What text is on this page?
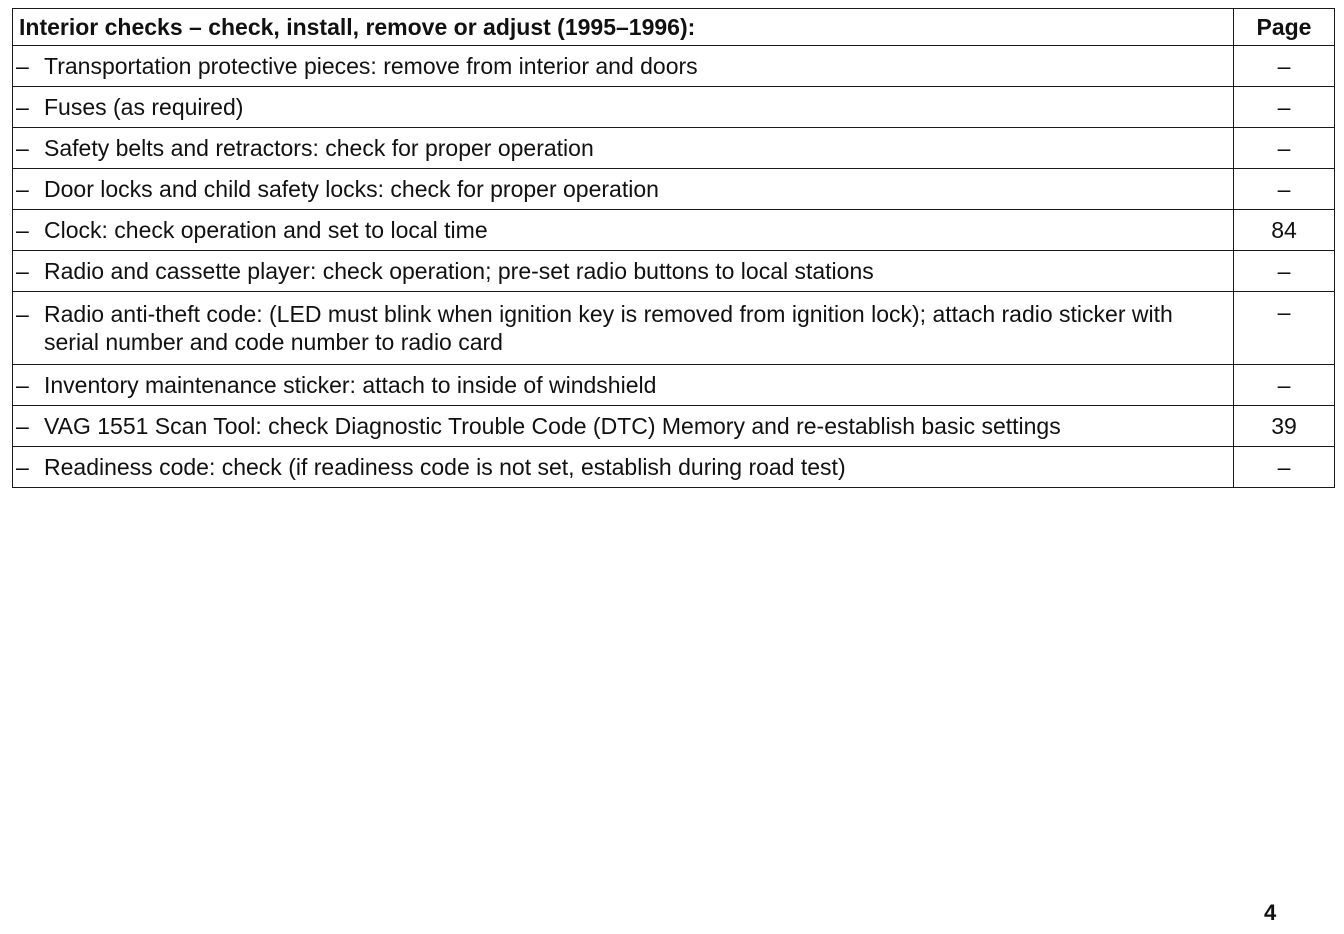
Interior checks – check, install, remove or adjust (1995–1996):	Page

– Transportation protective pieces: remove from interior and doors	–

– Fuses (as required)	–

– Safety belts and retractors: check for proper operation	–

– Door locks and child safety locks: check for proper operation	–

– Clock: check operation and set to local time	84

– Radio and cassette player: check operation; pre-set radio buttons to local stations	–

– Radio anti-theft code: (LED must blink when ignition key is removed from ignition lock); attach radio sticker with serial number and code number to radio card	–

– Inventory maintenance sticker: attach to inside of windshield	–

– VAG 1551 Scan Tool: check Diagnostic Trouble Code (DTC) Memory and re-establish basic settings	39

– Readiness code: check (if readiness code is not set, establish during road test)	–
4
